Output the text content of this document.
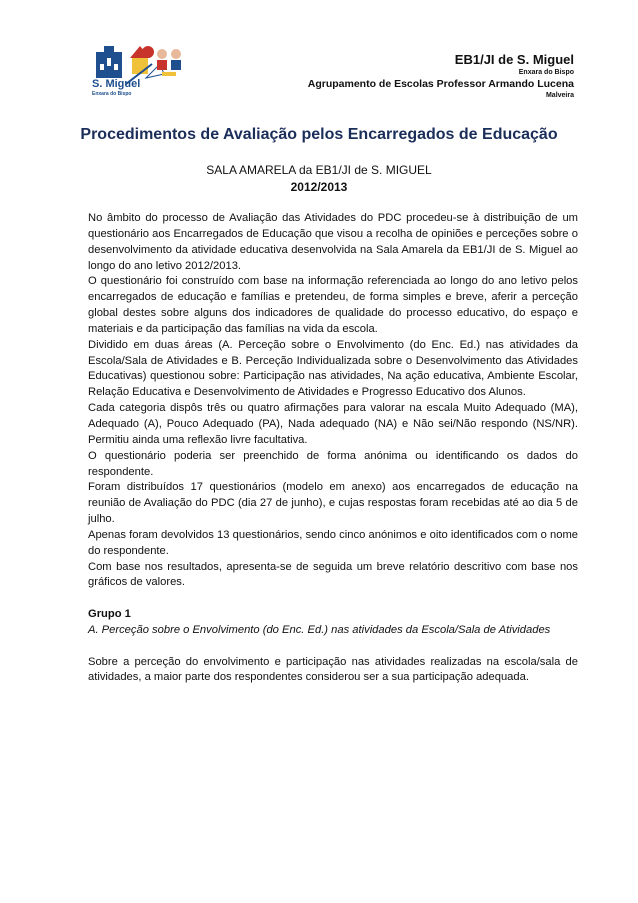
S. Miguel
Enxara do Bispo
EB1/JI de S. Miguel
Enxara do Bispo
Agrupamento de Escolas Professor Armando Lucena
Malveira
Procedimentos de Avaliação pelos Encarregados de Educação
SALA AMARELA da EB1/JI de S. MIGUEL
2012/2013

No âmbito do processo de Avaliação das Atividades do PDC procedeu-se à distribuição de um questionário aos Encarregados de Educação que visou a recolha de opiniões e perceções sobre o desenvolvimento da atividade educativa desenvolvida na Sala Amarela da EB1/JI de S. Miguel ao longo do ano letivo 2012/2013.

O questionário foi construído com base na informação referenciada ao longo do ano letivo pelos encarregados de educação e famílias e pretendeu, de forma simples e breve, aferir a perceção global destes sobre alguns dos indicadores de qualidade do processo educativo, do espaço e materiais e da participação das famílias na vida da escola.

Dividido em duas áreas (A. Perceção sobre o Envolvimento (do Enc. Ed.) nas atividades da Escola/Sala de Atividades e B. Perceção Individualizada sobre o Desenvolvimento das Atividades Educativas) questionou sobre: Participação nas atividades, Na ação educativa, Ambiente Escolar, Relação Educativa e Desenvolvimento de Atividades e Progresso Educativo dos Alunos.

Cada categoria dispôs três ou quatro afirmações para valorar na escala Muito Adequado (MA), Adequado (A), Pouco Adequado (PA), Nada adequado (NA) e Não sei/Não respondo (NS/NR). Permitiu ainda uma reflexão livre facultativa.

O questionário poderia ser preenchido de forma anónima ou identificando os dados do respondente.

Foram distribuídos 17 questionários (modelo em anexo) aos encarregados de educação na reunião de Avaliação do PDC (dia 27 de junho), e cujas respostas foram recebidas até ao dia 5 de julho.

Apenas foram devolvidos 13 questionários, sendo cinco anónimos e oito identificados com o nome do respondente.

Com base nos resultados, apresenta-se de seguida um breve relatório descritivo com base nos gráficos de valores.

Grupo 1

A. Perceção sobre o Envolvimento (do Enc. Ed.) nas atividades da Escola/Sala de Atividades

Sobre a perceção do envolvimento e participação nas atividades realizadas na escola/sala de atividades, a maior parte dos respondentes considerou ser a sua participação adequada.
